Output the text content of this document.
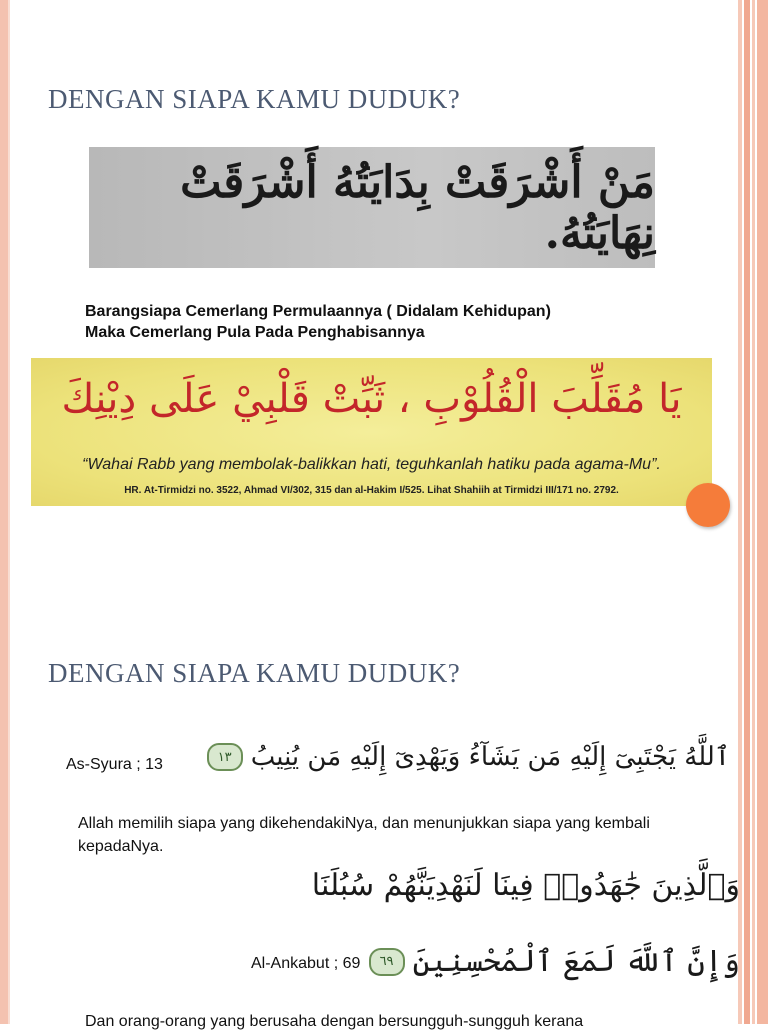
DENGAN SIAPA KAMU DUDUK?
مَنْ أَشْرَقَتْ بِدَايَتُهُ أَشْرَقَتْ نِهَايَتُهُ.
Barangsiapa Cemerlang Permulaannya ( Didalam Kehidupan)
Maka Cemerlang Pula Pada Penghabisannya
يَا مُقَلِّبَ الْقُلُوْبِ ، ثَبِّتْ قَلْبِيْ عَلَى دِيْنِكَ
“Wahai Rabb yang membolak-balikkan hati, teguhkanlah hatiku pada agama-Mu”.
HR. At-Tirmidzi no. 3522, Ahmad VI/302, 315 dan al-Hakim I/525. Lihat Shahiih at Tirmidzi III/171 no. 2792.
DENGAN SIAPA KAMU DUDUK?
As-Syura ; 13	ٱللَّهُ يَجْتَبِىٓ إِلَيْهِ مَن يَشَآءُ وَيَهْدِىٓ إِلَيْهِ مَن يُنِيبُ
١٣
Allah memilih siapa yang dikehendakiNya, dan menunjukkan siapa yang kembali kepadaNya.
وَٱلَّذِينَ جَٰهَدُوا۟ فِينَا لَنَهْدِيَنَّهُمْ سُبُلَنَا
Al-Ankabut ; 69 وَإِنَّ ٱللَّهَ لَمَعَ ٱلْمُحْسِنِينَ
٦٩
Dan orang-orang yang berusaha dengan bersungguh-sungguh kerana
